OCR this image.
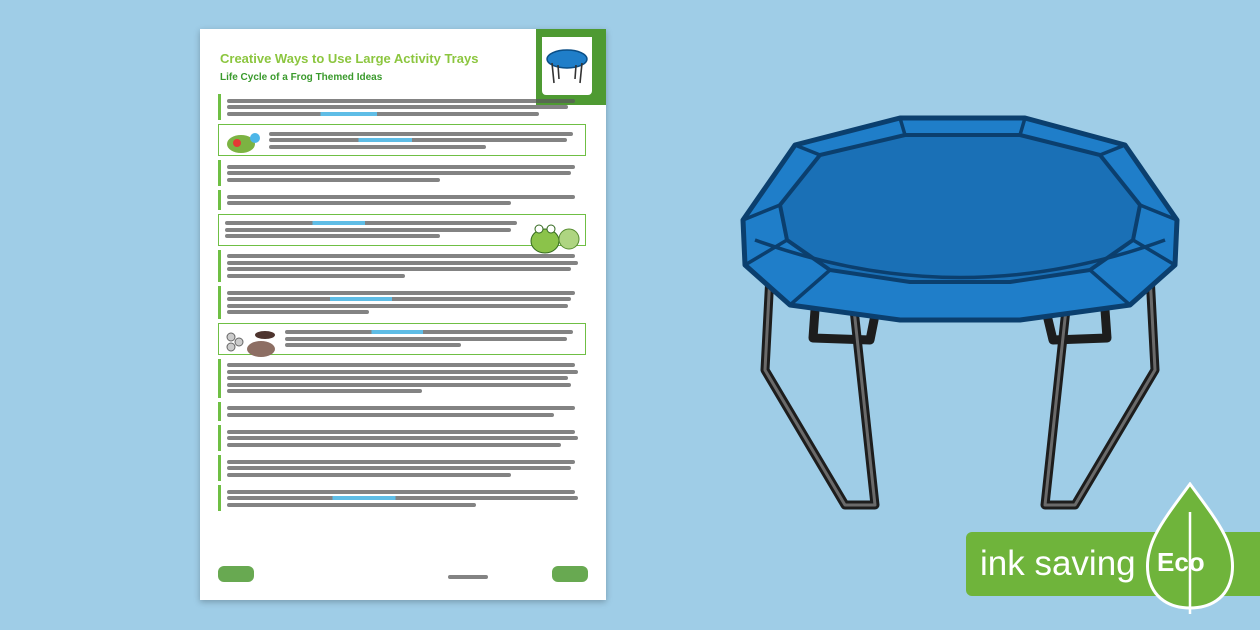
Creative Ways to Use Large Activity Trays
Life Cycle of a Frog Themed Ideas
ink saving Eco
